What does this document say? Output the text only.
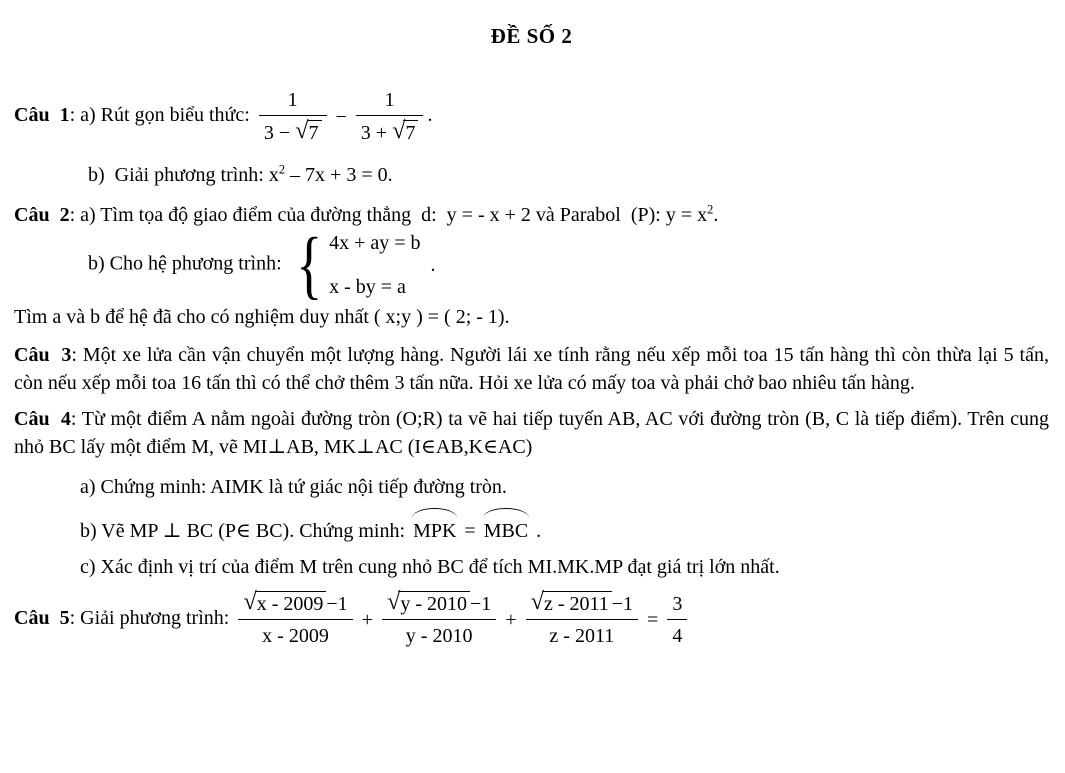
ĐỀ SỐ 2
Câu  1: a) Rút gọn biểu thức: $\frac{1}{3 - √7} - \frac{1}{3 + √7}$ .
b)  Giải phương trình: $x^2 - 7x + 3 = 0$.
Câu  2: a) Tìm tọa độ giao điểm của đường thẳng  d:  y = - x + 2 và Parabol  (P): $y = x^2$.
b) Cho hệ phương trình: { 4x + ay = b
x - by = a
.
Tìm a và b để hệ đã cho có nghiệm duy nhất ( x;y ) = ( 2; - 1).
Câu  3: Một xe lửa cần vận chuyển một lượng hàng. Người lái xe tính rằng nếu xếp mỗi toa 15 tấn hàng thì còn thừa lại 5 tấn, còn nếu xếp mỗi toa 16 tấn thì có thể chở thêm 3 tấn nữa. Hỏi xe lửa có mấy toa và phải chở bao nhiêu tấn hàng.
Câu  4: Từ một điểm A nằm ngoài đường tròn (O;R) ta vẽ hai tiếp tuyến AB, AC với đường tròn (B, C là tiếp điểm). Trên cung nhỏ BC lấy một điểm M, vẽ MI⊥AB, MK⊥AC (I∈AB,K∈AC)
a) Chứng minh: AIMK là tứ giác nội tiếp đường tròn.
b) Vẽ MP ⊥ BC (P∈ BC). Chứng minh: MPK = MBC .
c) Xác định vị trí của điểm M trên cung nhỏ BC để tích MI.MK.MP đạt giá trị lớn nhất.
Câu  5: Giải phương trình: $\frac{√x - 2009 -1}{x - 2009} + \frac{√y - 2010 -1}{y - 2010} + \frac{√z - 2011 -1}{z - 2011} = \frac{3}{4}$
